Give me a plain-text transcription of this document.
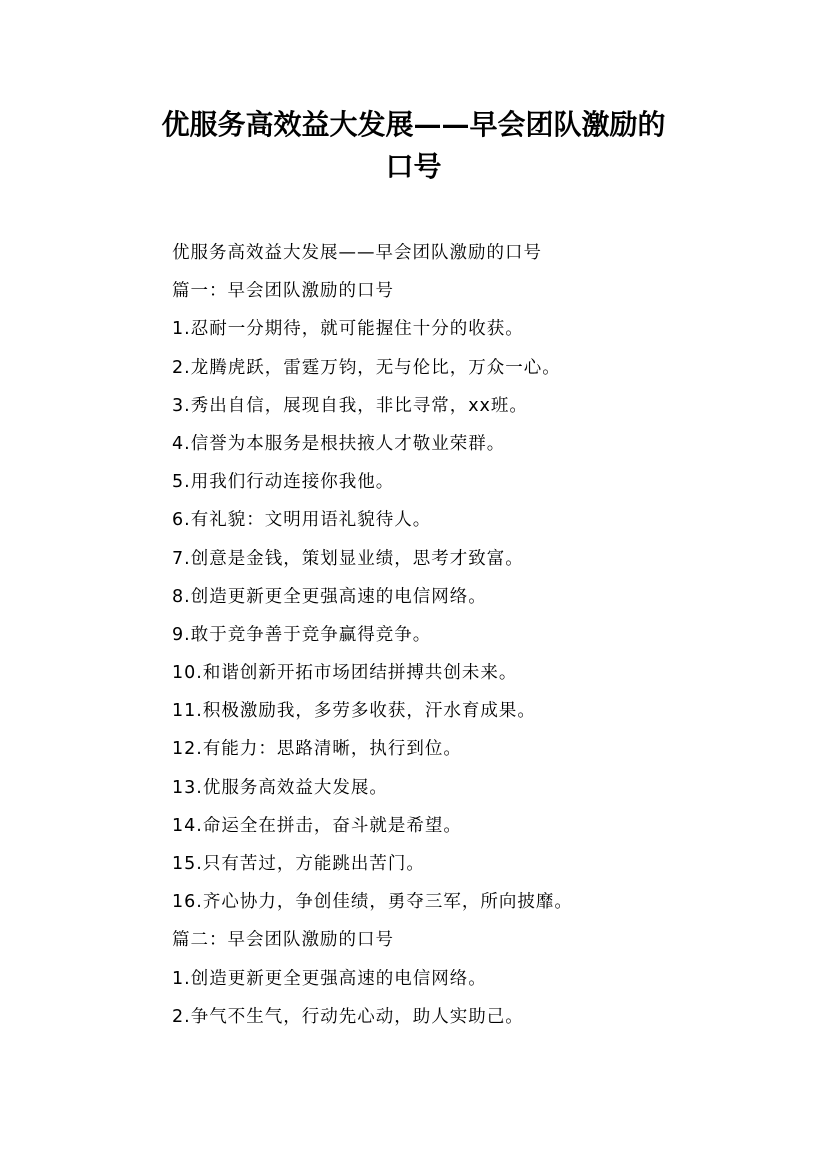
优服务高效益大发展——早会团队激励的
口号
优服务高效益大发展——早会团队激励的口号
篇一：早会团队激励的口号
1.忍耐一分期待，就可能握住十分的收获。
2.龙腾虎跃，雷霆万钧，无与伦比，万众一心。
3.秀出自信，展现自我，非比寻常，xx班。
4.信誉为本服务是根扶掖人才敬业荣群。
5.用我们行动连接你我他。
6.有礼貌：文明用语礼貌待人。
7.创意是金钱，策划显业绩，思考才致富。
8.创造更新更全更强高速的电信网络。
9.敢于竞争善于竞争赢得竞争。
10.和谐创新开拓市场团结拼搏共创未来。
11.积极激励我，多劳多收获，汗水育成果。
12.有能力：思路清晰，执行到位。
13.优服务高效益大发展。
14.命运全在拼击，奋斗就是希望。
15.只有苦过，方能跳出苦门。
16.齐心协力，争创佳绩，勇夺三军，所向披靡。
篇二：早会团队激励的口号
1.创造更新更全更强高速的电信网络。
2.争气不生气，行动先心动，助人实助己。
